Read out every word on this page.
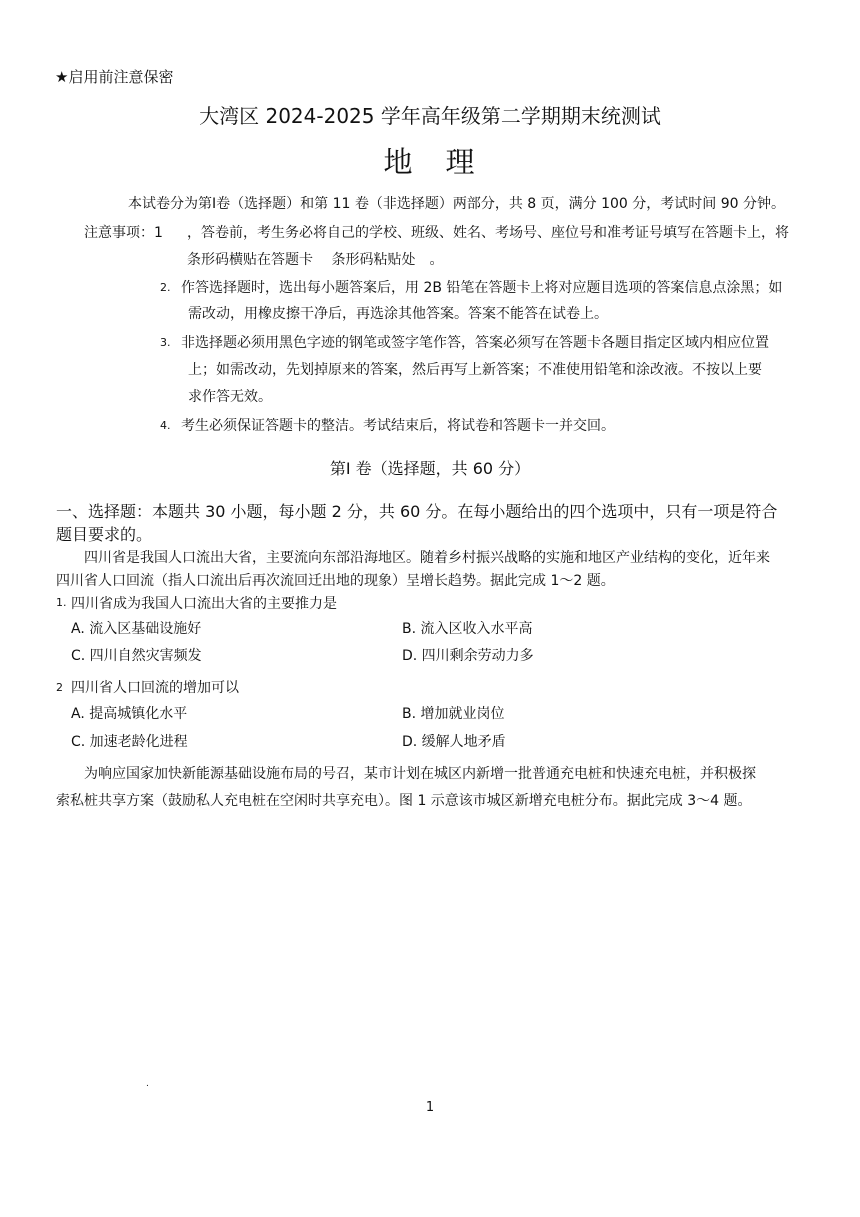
★启用前注意保密
大湾区 2024-2025 学年高年级第二学期期末统测试
地　理
本试卷分为第Ⅰ卷（选择题）和第 11 卷（非选择题）两部分，共 8 页，满分 100 分，考试时间 90 分钟。
注意事项：1 ，答卷前，考生务必将自己的学校、班级、姓名、考场号、座位号和准考证号填写在答题卡上，将
条形码横贴在答题卡　 条形码粘贴处　。
2. 作答选择题时，选出每小题答案后，用 2B 铅笔在答题卡上将对应题目选项的答案信息点涂黑；如
需改动，用橡皮擦干净后，再选涂其他答案。答案不能答在试卷上。
3. 非选择题必须用黑色字迹的钢笔或签字笔作答，答案必须写在答题卡各题目指定区域内相应位置
上；如需改动，先划掉原来的答案，然后再写上新答案；不准使用铅笔和涂改液。不按以上要
求作答无效。
4. 考生必须保证答题卡的整洁。考试结束后，将试卷和答题卡一并交回。
第Ⅰ 卷（选择题，共 60 分）
一、选择题：本题共 30 小题，每小题 2 分，共 60 分。在每小题给出的四个选项中，只有一项是符合
题目要求的。
四川省是我国人口流出大省，主要流向东部沿海地区。随着乡村振兴战略的实施和地区产业结构的变化，近年来
四川省人口回流（指人口流出后再次流回迁出地的现象）呈增长趋势。据此完成 1～2 题。
1. 四川省成为我国人口流出大省的主要推力是
A. 流入区基础设施好	B. 流入区收入水平高
C. 四川自然灾害频发	D. 四川剩余劳动力多
2 四川省人口回流的增加可以
A. 提高城镇化水平	B. 增加就业岗位
C. 加速老龄化进程	D. 缓解人地矛盾
为响应国家加快新能源基础设施布局的号召，某市计划在城区内新增一批普通充电桩和快速充电桩，并积极探
索私桩共享方案（鼓励私人充电桩在空闲时共享充电）。图 1 示意该市城区新增充电桩分布。据此完成 3～4 题。
.
1
